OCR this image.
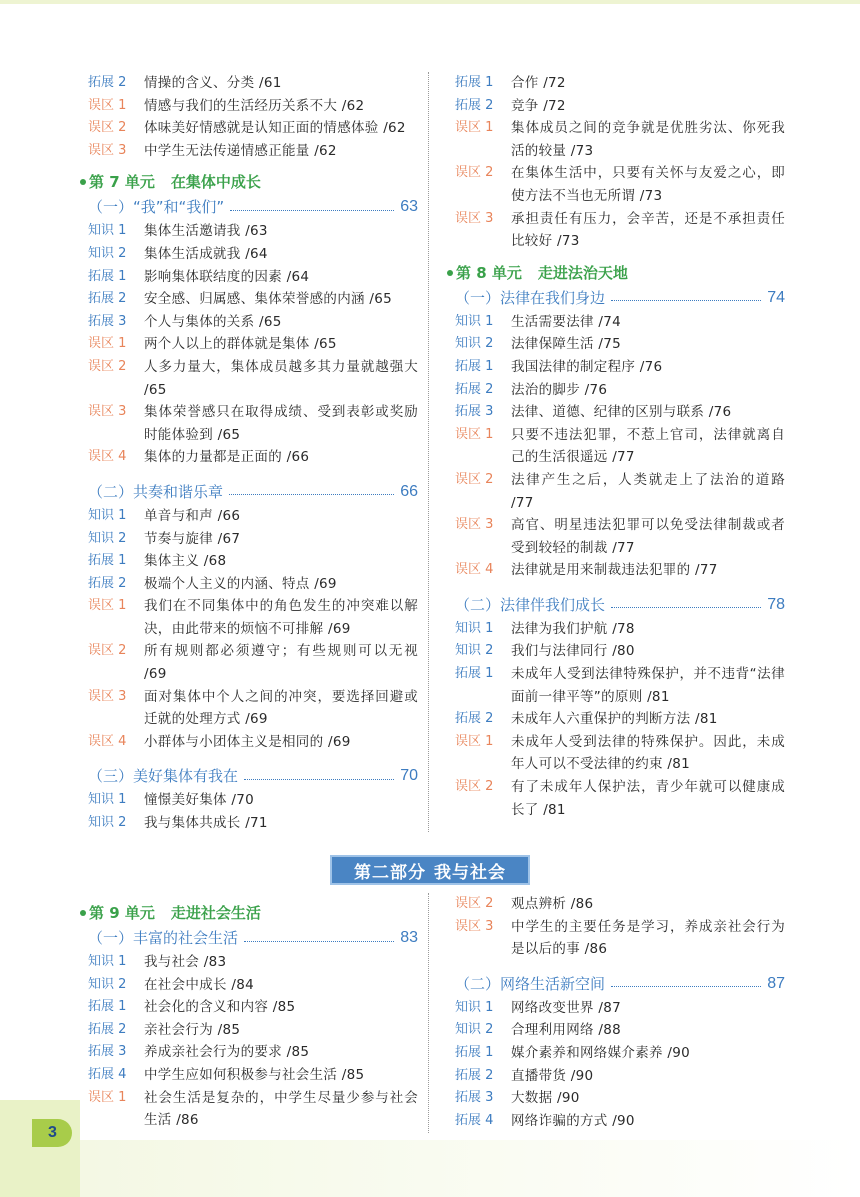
拓展 2	情操的含义、分类 /61
误区 1	情感与我们的生活经历关系不大 /62
误区 2	体味美好情感就是认知正面的情感体验 /62
误区 3	中学生无法传递情感正能量 /62
第 7 单元 在集体中成长
（一）“我”和“我们”	63
知识 1	集体生活邀请我 /63
知识 2	集体生活成就我 /64
拓展 1	影响集体联结度的因素 /64
拓展 2	安全感、归属感、集体荣誉感的内涵 /65
拓展 3	个人与集体的关系 /65
误区 1	两个人以上的群体就是集体 /65
误区 2	人多力量大，集体成员越多其力量就越强大 /65
误区 3	集体荣誉感只在取得成绩、受到表彰或奖励时能体验到 /65
误区 4	集体的力量都是正面的 /66
（二）共奏和谐乐章	66
知识 1	单音与和声 /66
知识 2	节奏与旋律 /67
拓展 1	集体主义 /68
拓展 2	极端个人主义的内涵、特点 /69
误区 1	我们在不同集体中的角色发生的冲突难以解决，由此带来的烦恼不可排解 /69
误区 2	所有规则都必须遵守；有些规则可以无视 /69
误区 3	面对集体中个人之间的冲突，要选择回避或迁就的处理方式 /69
误区 4	小群体与小团体主义是相同的 /69
（三）美好集体有我在	70
知识 1	憧憬美好集体 /70
知识 2	我与集体共成长 /71
拓展 1	合作 /72
拓展 2	竞争 /72
误区 1	集体成员之间的竞争就是优胜劣汰、你死我活的较量 /73
误区 2	在集体生活中，只要有关怀与友爱之心，即使方法不当也无所谓 /73
误区 3	承担责任有压力，会辛苦，还是不承担责任比较好 /73
第 8 单元 走进法治天地
（一）法律在我们身边	74
知识 1	生活需要法律 /74
知识 2	法律保障生活 /75
拓展 1	我国法律的制定程序 /76
拓展 2	法治的脚步 /76
拓展 3	法律、道德、纪律的区别与联系 /76
误区 1	只要不违法犯罪，不惹上官司，法律就离自己的生活很遥远 /77
误区 2	法律产生之后，人类就走上了法治的道路 /77
误区 3	高官、明星违法犯罪可以免受法律制裁或者受到较轻的制裁 /77
误区 4	法律就是用来制裁违法犯罪的 /77
（二）法律伴我们成长	78
知识 1	法律为我们护航 /78
知识 2	我们与法律同行 /80
拓展 1	未成年人受到法律特殊保护，并不违背“法律面前一律平等”的原则 /81
拓展 2	未成年人六重保护的判断方法 /81
误区 1	未成年人受到法律的特殊保护。因此，未成年人可以不受法律的约束 /81
误区 2	有了未成年人保护法，青少年就可以健康成长了 /81
第二部分 我与社会
第 9 单元 走进社会生活
（一）丰富的社会生活	83
知识 1	我与社会 /83
知识 2	在社会中成长 /84
拓展 1	社会化的含义和内容 /85
拓展 2	亲社会行为 /85
拓展 3	养成亲社会行为的要求 /85
拓展 4	中学生应如何积极参与社会生活 /85
误区 1	社会生活是复杂的，中学生尽量少参与社会生活 /86
误区 2	观点辨析 /86
误区 3	中学生的主要任务是学习，养成亲社会行为是以后的事 /86
（二）网络生活新空间	87
知识 1	网络改变世界 /87
知识 2	合理利用网络 /88
拓展 1	媒介素养和网络媒介素养 /90
拓展 2	直播带货 /90
拓展 3	大数据 /90
拓展 4	网络诈骗的方式 /90
3
